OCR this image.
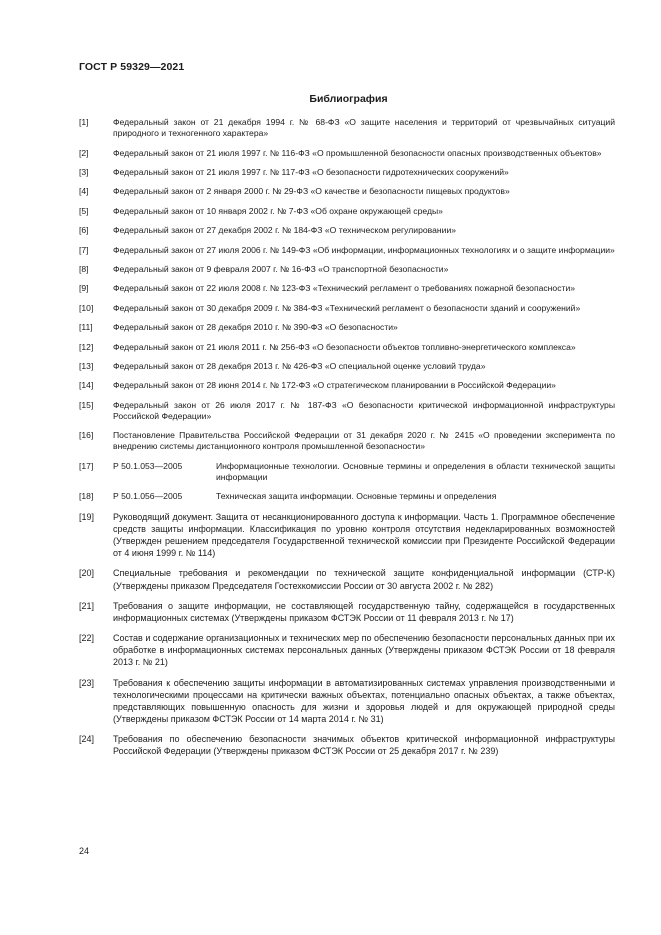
ГОСТ Р 59329—2021
Библиография
[1]	Федеральный закон от 21 декабря 1994 г. № 68-ФЗ «О защите населения и территорий от чрезвычайных ситуаций природного и техногенного характера»
[2]	Федеральный закон от 21 июля 1997 г. № 116-ФЗ «О промышленной безопасности опасных производственных объектов»
[3]	Федеральный закон от 21 июля 1997 г. № 117-ФЗ «О безопасности гидротехнических сооружений»
[4]	Федеральный закон от 2 января 2000 г. № 29-ФЗ «О качестве и безопасности пищевых продуктов»
[5]	Федеральный закон от 10 января 2002 г. № 7-ФЗ «Об охране окружающей среды»
[6]	Федеральный закон от 27 декабря 2002 г. № 184-ФЗ «О техническом регулировании»
[7]	Федеральный закон от 27 июля 2006 г. № 149-ФЗ «Об информации, информационных технологиях и о защите информации»
[8]	Федеральный закон от 9 февраля 2007 г. № 16-ФЗ «О транспортной безопасности»
[9]	Федеральный закон от 22 июля 2008 г. № 123-ФЗ «Технический регламент о требованиях пожарной безопасности»
[10]	Федеральный закон от 30 декабря 2009 г. № 384-ФЗ «Технический регламент о безопасности зданий и сооружений»
[11]	Федеральный закон от 28 декабря 2010 г. № 390-ФЗ «О безопасности»
[12]	Федеральный закон от 21 июля 2011 г. № 256-ФЗ «О безопасности объектов топливно-энергетического комплекса»
[13]	Федеральный закон от 28 декабря 2013 г. № 426-ФЗ «О специальной оценке условий труда»
[14]	Федеральный закон от 28 июня 2014 г. № 172-ФЗ «О стратегическом планировании в Российской Федерации»
[15]	Федеральный закон от 26 июля 2017 г. № 187-ФЗ «О безопасности критической информационной инфраструктуры Российской Федерации»
[16]	Постановление Правительства Российской Федерации от 31 декабря 2020 г. № 2415 «О проведении эксперимента по внедрению системы дистанционного контроля промышленной безопасности»
[17]	Р 50.1.053—2005	Информационные технологии. Основные термины и определения в области технической защиты информации
[18]	Р 50.1.056—2005	Техническая защита информации. Основные термины и определения
[19]	Руководящий документ. Защита от несанкционированного доступа к информации. Часть 1. Программное обеспечение средств защиты информации. Классификация по уровню контроля отсутствия недекларированных возможностей (Утвержден решением председателя Государственной технической комиссии при Президенте Российской Федерации от 4 июня 1999 г. № 114)
[20]	Специальные требования и рекомендации по технической защите конфиденциальной информации (СТР-К) (Утверждены приказом Председателя Гостехкомиссии России от 30 августа 2002 г. № 282)
[21]	Требования о защите информации, не составляющей государственную тайну, содержащейся в государственных информационных системах (Утверждены приказом ФСТЭК России от 11 февраля 2013 г. № 17)
[22]	Состав и содержание организационных и технических мер по обеспечению безопасности персональных данных при их обработке в информационных системах персональных данных (Утверждены приказом ФСТЭК России от 18 февраля 2013 г. № 21)
[23]	Требования к обеспечению защиты информации в автоматизированных системах управления производственными и технологическими процессами на критически важных объектах, потенциально опасных объектах, а также объектах, представляющих повышенную опасность для жизни и здоровья людей и для окружающей природной среды (Утверждены приказом ФСТЭК России от 14 марта 2014 г. № 31)
[24]	Требования по обеспечению безопасности значимых объектов критической информационной инфраструктуры Российской Федерации (Утверждены приказом ФСТЭК России от 25 декабря 2017 г. № 239)
24
